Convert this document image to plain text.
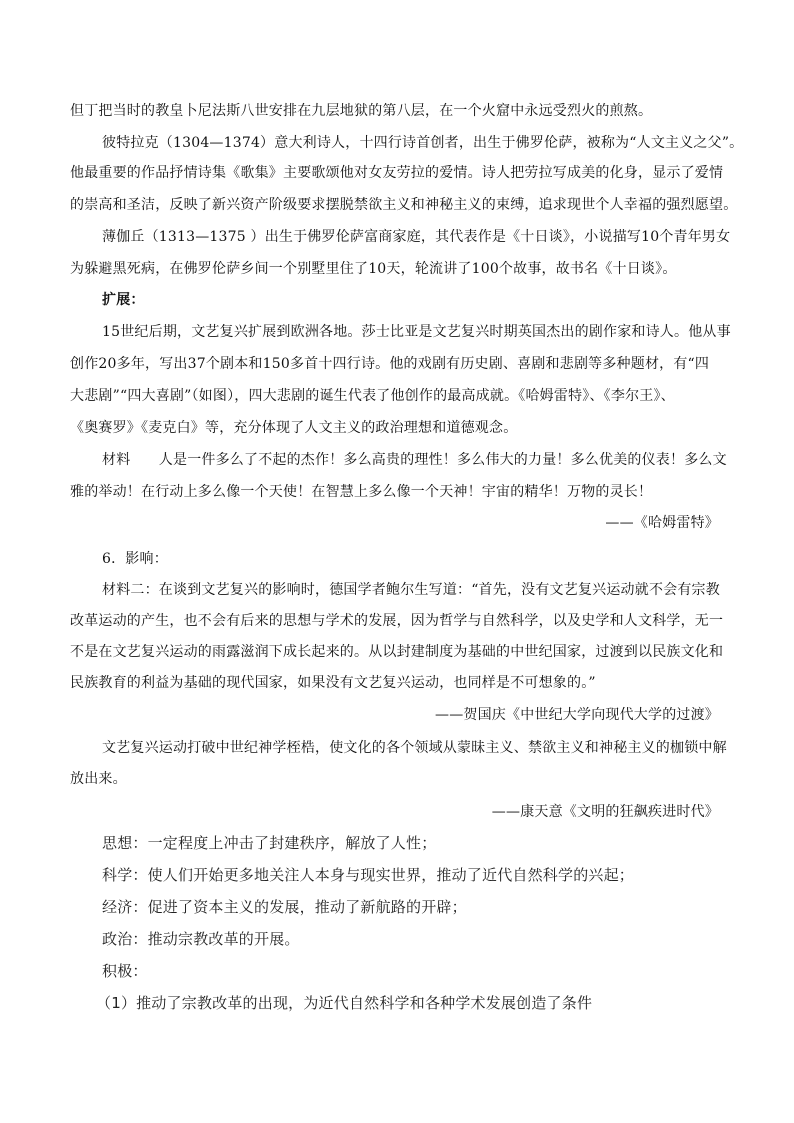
但丁把当时的教皇卜尼法斯八世安排在九层地狱的第八层，在一个火窟中永远受烈火的煎熬。
彼特拉克（1304—1374）意大利诗人，十四行诗首创者，出生于佛罗伦萨，被称为“人文主义之父”。
他最重要的作品抒情诗集《歌集》主要歌颂他对女友劳拉的爱情。诗人把劳拉写成美的化身，显示了爱情
的崇高和圣洁，反映了新兴资产阶级要求摆脱禁欲主义和神秘主义的束缚，追求现世个人幸福的强烈愿望。
薄伽丘（1313—1375 ）出生于佛罗伦萨富商家庭，其代表作是《十日谈》，小说描写10个青年男女
为躲避黑死病，在佛罗伦萨乡间一个别墅里住了10天，轮流讲了100个故事，故书名《十日谈》。
扩展：
15世纪后期，文艺复兴扩展到欧洲各地。莎士比亚是文艺复兴时期英国杰出的剧作家和诗人。他从事
创作20多年，写出37个剧本和150多首十四行诗。他的戏剧有历史剧、喜剧和悲剧等多种题材，有“四
大悲剧”“四大喜剧”（如图），四大悲剧的诞生代表了他创作的最高成就。《哈姆雷特》、《李尔王》、
《奥赛罗》《麦克白》等，充分体现了人文主义的政治理想和道德观念。
材料　　人是一件多么了不起的杰作！多么高贵的理性！多么伟大的力量！多么优美的仪表！多么文
雅的举动！在行动上多么像一个天使！在智慧上多么像一个天神！宇宙的精华！万物的灵长！
——《哈姆雷特》
6．影响：
材料二：在谈到文艺复兴的影响时，德国学者鲍尔生写道：“首先，没有文艺复兴运动就不会有宗教
改革运动的产生，也不会有后来的思想与学术的发展，因为哲学与自然科学，以及史学和人文科学，无一
不是在文艺复兴运动的雨露滋润下成长起来的。从以封建制度为基础的中世纪国家，过渡到以民族文化和
民族教育的利益为基础的现代国家，如果没有文艺复兴运动，也同样是不可想象的。”
——贺国庆《中世纪大学向现代大学的过渡》
文艺复兴运动打破中世纪神学桎梏，使文化的各个领域从蒙昧主义、禁欲主义和神秘主义的枷锁中解
放出来。
——康天意《文明的狂飙疾进时代》
思想：一定程度上冲击了封建秩序，解放了人性；
科学：使人们开始更多地关注人本身与现实世界，推动了近代自然科学的兴起；
经济：促进了资本主义的发展，推动了新航路的开辟；
政治：推动宗教改革的开展。
积极：
（1）推动了宗教改革的出现，为近代自然科学和各种学术发展创造了条件
